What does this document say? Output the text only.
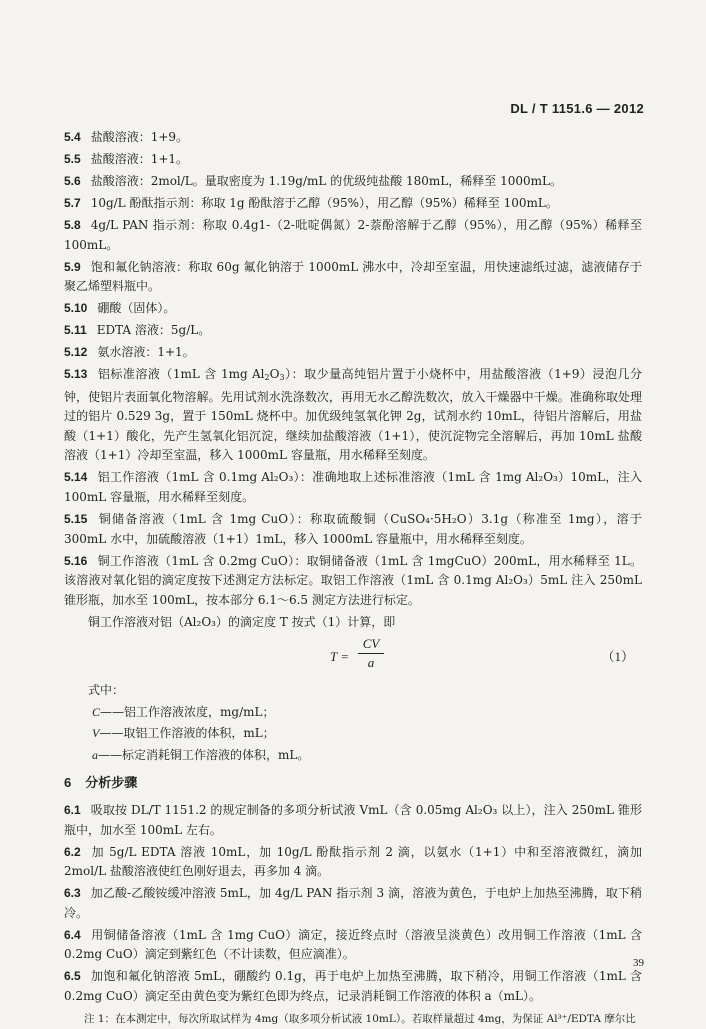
DL / T 1151.6 — 2012

5.4 盐酸溶液：1+9。

5.5 盐酸溶液：1+1。

5.6 盐酸溶液：2mol/L。量取密度为 1.19g/mL 的优级纯盐酸 180mL，稀释至 1000mL。

5.7 10g/L 酚酞指示剂：称取 1g 酚酞溶于乙醇（95%），用乙醇（95%）稀释至 100mL。

5.8 4g/L PAN 指示剂：称取 0.4g1-（2-吡啶偶氮）2-萘酚溶解于乙醇（95%），用乙醇（95%）稀释至 100mL。

5.9 饱和氟化钠溶液：称取 60g 氟化钠溶于 1000mL 沸水中，冷却至室温，用快速滤纸过滤，滤液储存于聚乙烯塑料瓶中。

5.10 硼酸（固体）。

5.11 EDTA 溶液：5g/L。

5.12 氨水溶液：1+1。

5.13 铝标准溶液（1mL 含 1mg $Al_2O_3$）：取少量高纯铝片置于小烧杯中，用盐酸溶液（1+9）浸泡几分钟，使铝片表面氧化物溶解。先用试剂水洗涤数次，再用无水乙醇洗数次，放入干燥器中干燥。准确称取处理过的铝片 0.529 3g，置于 150mL 烧杯中。加优级纯氢氧化钾 2g，试剂水约 10mL，待铝片溶解后，用盐酸（1+1）酸化，先产生氢氧化铝沉淀，继续加盐酸溶液（1+1），使沉淀物完全溶解后，再加 10mL 盐酸溶液（1+1）冷却至室温，移入 1000mL 容量瓶，用水稀释至刻度。

5.14 铝工作溶液（1mL 含 0.1mg Al₂O₃）：准确地取上述标准溶液（1mL 含 1mg Al₂O₃）10mL，注入 100mL 容量瓶，用水稀释至刻度。

5.15 铜储备溶液（1mL 含 1mg CuO）：称取硫酸铜（CuSO₄·5H₂O）3.1g（称准至 1mg），溶于 300mL 水中，加硫酸溶液（1+1）1mL，移入 1000mL 容量瓶中，用水稀释至刻度。

5.16 铜工作溶液（1mL 含 0.2mg CuO）：取铜储备液（1mL 含 1mgCuO）200mL，用水稀释至 1L。该溶液对氧化铝的滴定度按下述测定方法标定。取铝工作溶液（1mL 含 0.1mg Al₂O₃）5mL 注入 250mL 锥形瓶，加水至 100mL，按本部分 6.1～6.5 测定方法进行标定。

铜工作溶液对铝（Al₂O₃）的滴定度 T 按式（1）计算，即

$T = \frac{CV}{a}$	（1）

式中：

C——铝工作溶液浓度，mg/mL；

V——取铝工作溶液的体积，mL；

a——标定消耗铜工作溶液的体积，mL。

6 分析步骤

6.1 吸取按 DL/T 1151.2 的规定制备的多项分析试液 VmL（含 0.05mg Al₂O₃ 以上），注入 250mL 锥形瓶中，加水至 100mL 左右。

6.2 加 5g/L EDTA 溶液 10mL，加 10g/L 酚酞指示剂 2 滴，以氨水（1+1）中和至溶液微红，滴加 2mol/L 盐酸溶液使红色刚好退去，再多加 4 滴。

6.3 加乙酸-乙酸铵缓冲溶液 5mL，加 4g/L PAN 指示剂 3 滴，溶液为黄色，于电炉上加热至沸腾，取下稍冷。

6.4 用铜储备溶液（1mL 含 1mg CuO）滴定，接近终点时（溶液呈淡黄色）改用铜工作溶液（1mL 含 0.2mg CuO）滴定到紫红色（不计读数，但应滴准）。

6.5 加饱和氟化钠溶液 5mL，硼酸约 0.1g，再于电炉上加热至沸腾，取下稍冷，用铜工作溶液（1mL 含 0.2mg CuO）滴定至由黄色变为紫红色即为终点，记录消耗铜工作溶液的体积 a（mL）。

注 1：在本测定中，每次所取试样为 4mg（取多项分析试液 10mL）。若取样量超过 4mg，为保证 Al³⁺/EDTA 摩尔比

39
